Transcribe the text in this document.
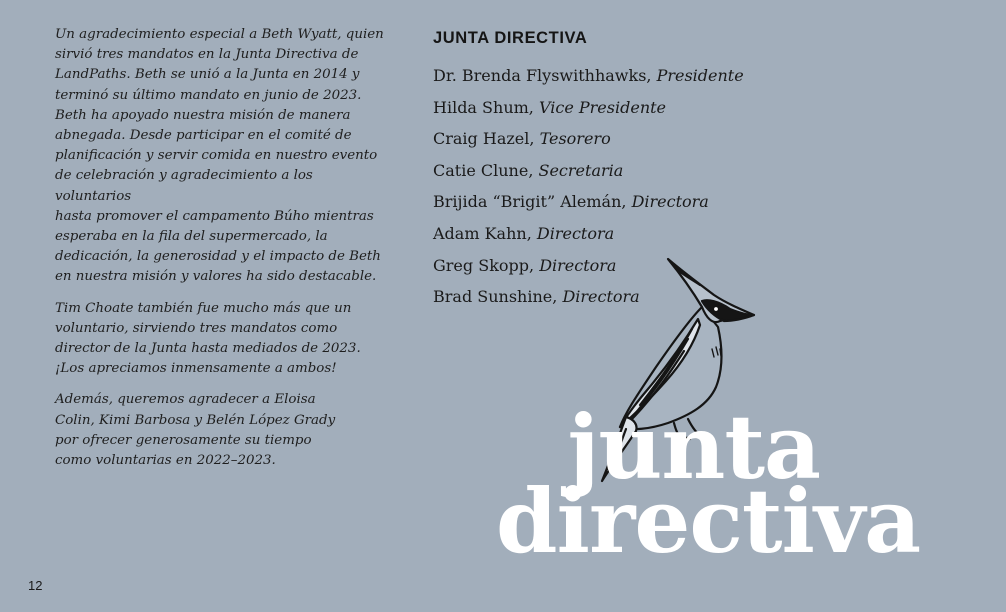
Un agradecimiento especial a Beth Wyatt, quien
sirvió tres mandatos en la Junta Directiva de
LandPaths. Beth se unió a la Junta en 2014 y
terminó su último mandato en junio de 2023.
Beth ha apoyado nuestra misión de manera
abnegada. Desde participar en el comité de
planificación y servir comida en nuestro evento
de celebración y agradecimiento a los voluntarios
hasta promover el campamento Búho mientras
esperaba en la fila del supermercado, la
dedicación, la generosidad y el impacto de Beth
en nuestra misión y valores ha sido destacable.

Tim Choate también fue mucho más que un
voluntario, sirviendo tres mandatos como
director de la Junta hasta mediados de 2023.
¡Los apreciamos inmensamente a ambos!

Además, queremos agradecer a Eloisa
Colin, Kimi Barbosa y Belén López Grady
por ofrecer generosamente su tiempo
como voluntarias en 2022–2023.

JUNTA DIRECTIVA
Dr. Brenda Flyswithhawks, Presidente
Hilda Shum, Vice Presidente
Craig Hazel, Tesorero
Catie Clune, Secretaria
Brijida “Brigit” Alemán, Directora
Adam Kahn, Directora
Greg Skopp, Directora
Brad Sunshine, Directora
junta
directiva
12
